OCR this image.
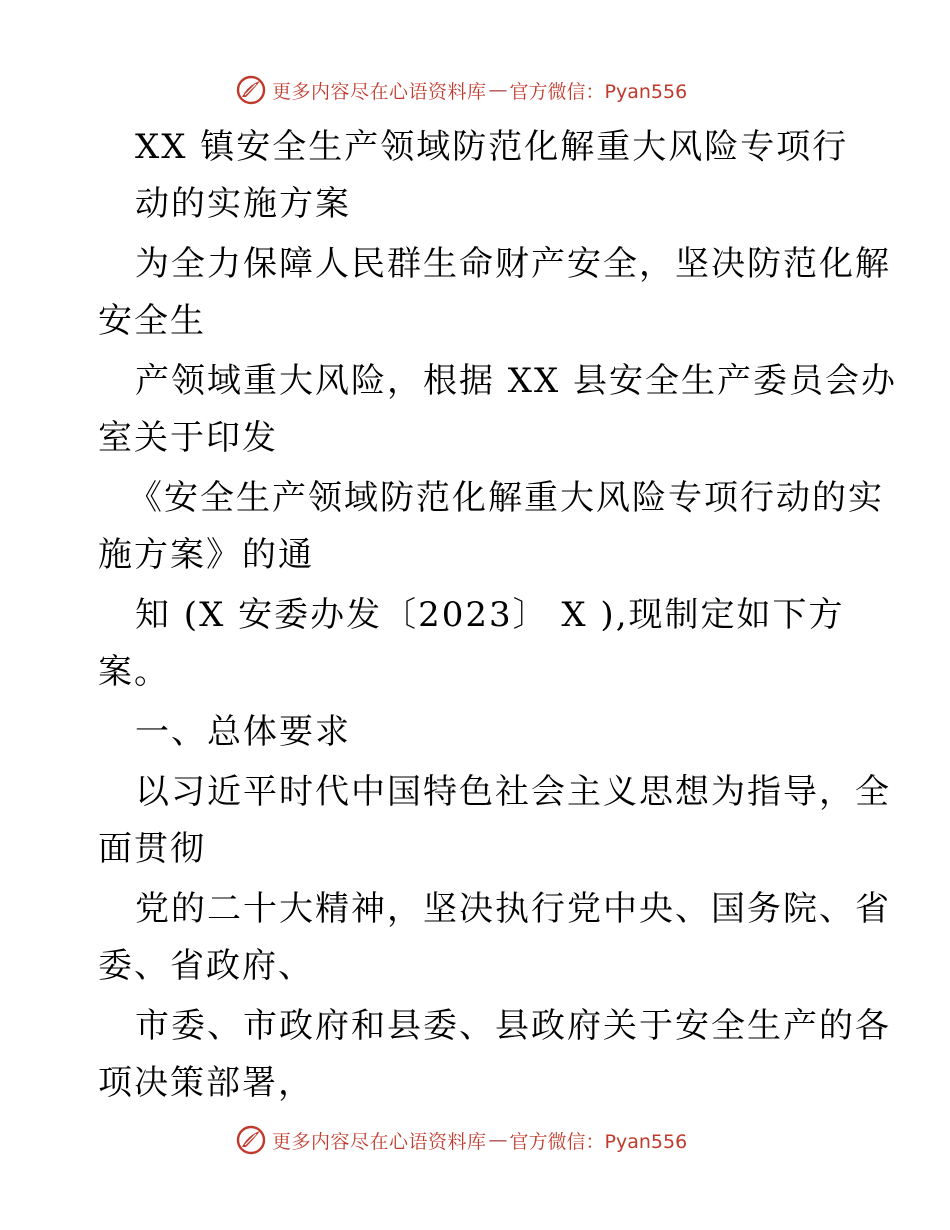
更多内容尽在心语资料库 — 官方微信：Pyan556
XX 镇安全生产领域防范化解重大风险专项行
动的实施方案
为全力保障人民群生命财产安全，坚决防范化解
安全生
产领域重大风险，根据 XX 县安全生产委员会办
室关于印发
《安全生产领域防范化解重大风险专项行动的实
施方案》的通
知 (X 安委办发〔2023〕 X ),现制定如下方
案。
一、总体要求
以习近平时代中国特色社会主义思想为指导，全
面贯彻
党的二十大精神，坚决执行党中央、国务院、省
委、省政府、
市委、市政府和县委、县政府关于安全生产的各
项决策部署，
更多内容尽在心语资料库 — 官方微信：Pyan556
